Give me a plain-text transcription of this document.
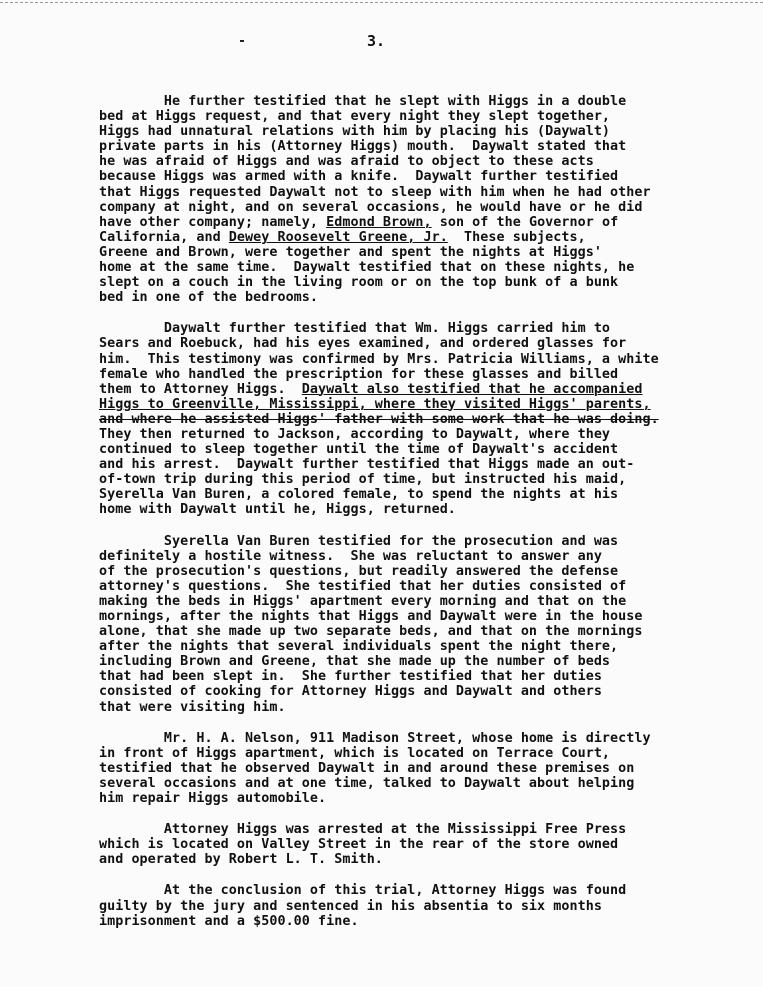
3.
He further testified that he slept with Higgs in a double
bed at Higgs request, and that every night they slept together,
Higgs had unnatural relations with him by placing his (Daywalt)
private parts in his (Attorney Higgs) mouth.  Daywalt stated that
he was afraid of Higgs and was afraid to object to these acts
because Higgs was armed with a knife.  Daywalt further testified
that Higgs requested Daywalt not to sleep with him when he had other
company at night, and on several occasions, he would have or he did
have other company; namely, Edmond Brown, son of the Governor of
California, and Dewey Roosevelt Greene, Jr.  These subjects,
Greene and Brown, were together and spent the nights at Higgs'
home at the same time.  Daywalt testified that on these nights, he
slept on a couch in the living room or on the top bunk of a bunk
bed in one of the bedrooms.
Daywalt further testified that Wm. Higgs carried him to
Sears and Roebuck, had his eyes examined, and ordered glasses for
him.  This testimony was confirmed by Mrs. Patricia Williams, a white
female who handled the prescription for these glasses and billed
them to Attorney Higgs.  Daywalt also testified that he accompanied
Higgs to Greenville, Mississippi, where they visited Higgs' parents,
and where he assisted Higgs' father with some work that he was doing.
They then returned to Jackson, according to Daywalt, where they
continued to sleep together until the time of Daywalt's accident
and his arrest.  Daywalt further testified that Higgs made an out-
of-town trip during this period of time, but instructed his maid,
Syerella Van Buren, a colored female, to spend the nights at his
home with Daywalt until he, Higgs, returned.
Syerella Van Buren testified for the prosecution and was
definitely a hostile witness.  She was reluctant to answer any
of the prosecution's questions, but readily answered the defense
attorney's questions.  She testified that her duties consisted of
making the beds in Higgs' apartment every morning and that on the
mornings, after the nights that Higgs and Daywalt were in the house
alone, that she made up two separate beds, and that on the mornings
after the nights that several individuals spent the night there,
including Brown and Greene, that she made up the number of beds
that had been slept in.  She further testified that her duties
consisted of cooking for Attorney Higgs and Daywalt and others
that were visiting him.
Mr. H. A. Nelson, 911 Madison Street, whose home is directly
in front of Higgs apartment, which is located on Terrace Court,
testified that he observed Daywalt in and around these premises on
several occasions and at one time, talked to Daywalt about helping
him repair Higgs automobile.
Attorney Higgs was arrested at the Mississippi Free Press
which is located on Valley Street in the rear of the store owned
and operated by Robert L. T. Smith.
At the conclusion of this trial, Attorney Higgs was found
guilty by the jury and sentenced in his absentia to six months
imprisonment and a $500.00 fine.
